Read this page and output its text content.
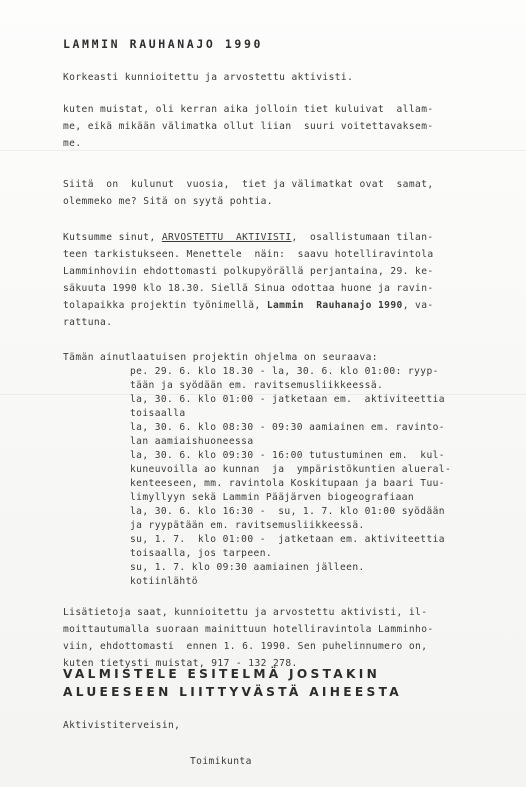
LAMMIN RAUHANAJO 1990
Korkeasti kunnioitettu ja arvostettu aktivisti.
kuten muistat, oli kerran aika jolloin tiet kuluivat  allam-
me, eikä mikään välimatka ollut liian  suuri voitettavaksem-
me.
Siitä  on  kulunut  vuosia,  tiet ja välimatkat ovat  samat,
olemmeko me? Sitä on syytä pohtia.
Kutsumme sinut, ARVOSTETTU  AKTIVISTI,  osallistumaan tilan-
teen tarkistukseen. Menettele  näin:  saavu hotelliravintola
Lamminhoviin ehdottomasti polkupyörällä perjantaina, 29. ke-
säkuuta 1990 klo 18.30. Siellä Sinua odottaa huone ja ravin-
tolapaikka projektin työnimellä, Lammin  Rauhanajo 1990, va-
rattuna.
Tämän ainutlaatuisen projektin ohjelma on seuraava:
pe. 29. 6. klo 18.30 - la, 30. 6. klo 01:00: ryyp-
tään ja syödään em. ravitsemusliikkeessä.
la, 30. 6. klo 01:00 - jatketaan em.  aktiviteettia
toisaalla
la, 30. 6. klo 08:30 - 09:30 aamiainen em. ravinto-
lan aamiaishuoneessa
la, 30. 6. klo 09:30 - 16:00 tutustuminen em.  kul-
kuneuvoilla ao kunnan  ja  ympäristökuntien alueral-
kenteeseen, mm. ravintola Koskitupaan ja baari Tuu-
limyllyyn sekä Lammin Pääjärven biogeografiaan
la, 30. 6. klo 16:30 -  su, 1. 7. klo 01:00 syödään
ja ryypätään em. ravitsemusliikkeessä.
su, 1. 7.  klo 01:00 -  jatketaan em. aktiviteettia
toisaalla, jos tarpeen.
su, 1. 7. klo 09:30 aamiainen jälleen.
kotiinlähtö
Lisätietoja saat, kunnioitettu ja arvostettu aktivisti, il-
moittautumalla suoraan mainittuun hotelliravintola Lamminho-
viin, ehdottomasti  ennen 1. 6. 1990. Sen puhelinnumero on,
kuten tietysti muistat, 917 - 132 278.
VALMISTELE ESITELMÄ JOSTAKIN
ALUEESEEN LIITTYVÄSTÄ AIHEESTA
Aktivistiterveisin,
Toimikunta
